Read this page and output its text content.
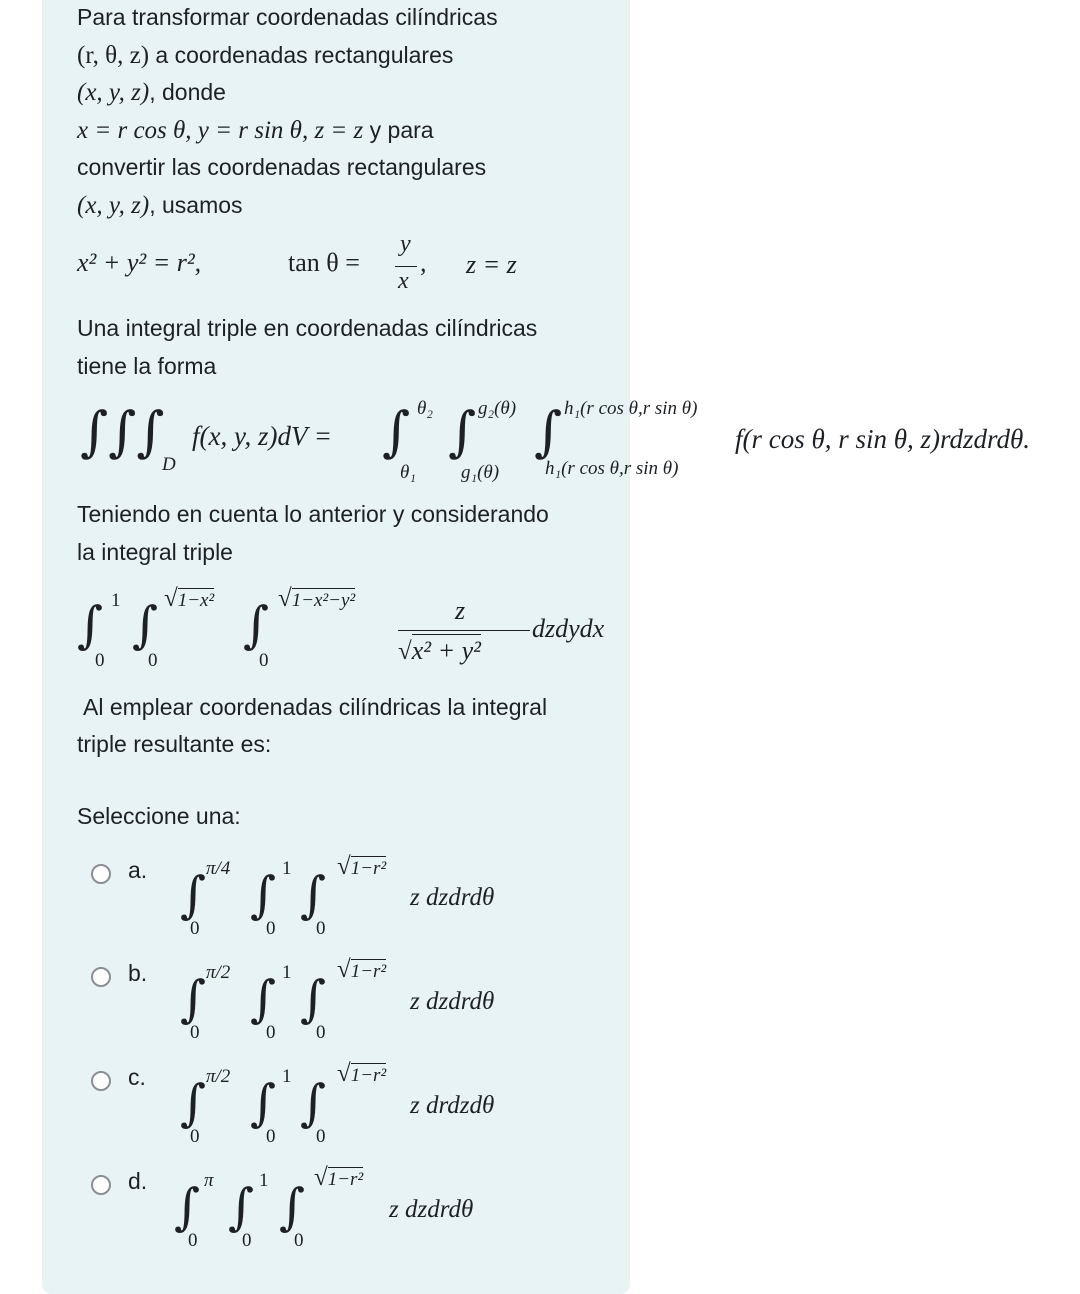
Para transformar coordenadas cilíndricas
(r, θ, z) a coordenadas rectangulares
(x, y, z), donde
x = r cos θ, y = r sin θ, z = z y para
convertir las coordenadas rectangulares
(x, y, z), usamos
x² + y² = r²,	tan θ =
y
x
, z = z
Una integral triple en coordenadas cilíndricas
tiene la forma
∫∫∫
D
f(x, y, z)dV = ∫ θ₂
θ₁
∫ g₂(θ)
g₁(θ)
∫ h₁(r cos θ,r sin θ)
h₁(r cos θ,r sin θ)
f(r cos θ, r sin θ, z)rdzdrdθ.
Teniendo en cuenta lo anterior y considerando
la integral triple
∫ 1
0
∫ √1−x²
0
∫ √1−x²−y²
0
z
√x² + y²
dzdydx
Al emplear coordenadas cilíndricas la integral
triple resultante es:
Seleccione una:
a. ∫ π/4
0
∫ 1
0
∫ √1−r²
0
z dzdrdθ
b. ∫ π/2
0
∫ 1
0
∫
√1−r²
0
z dzdrdθ
c. ∫ π/2
0
∫ 1
0
∫
√1−r²
0
z drdzdθ
d. ∫ π
0
∫ 1
0
∫
√1−r²
0
z dzdrdθ
